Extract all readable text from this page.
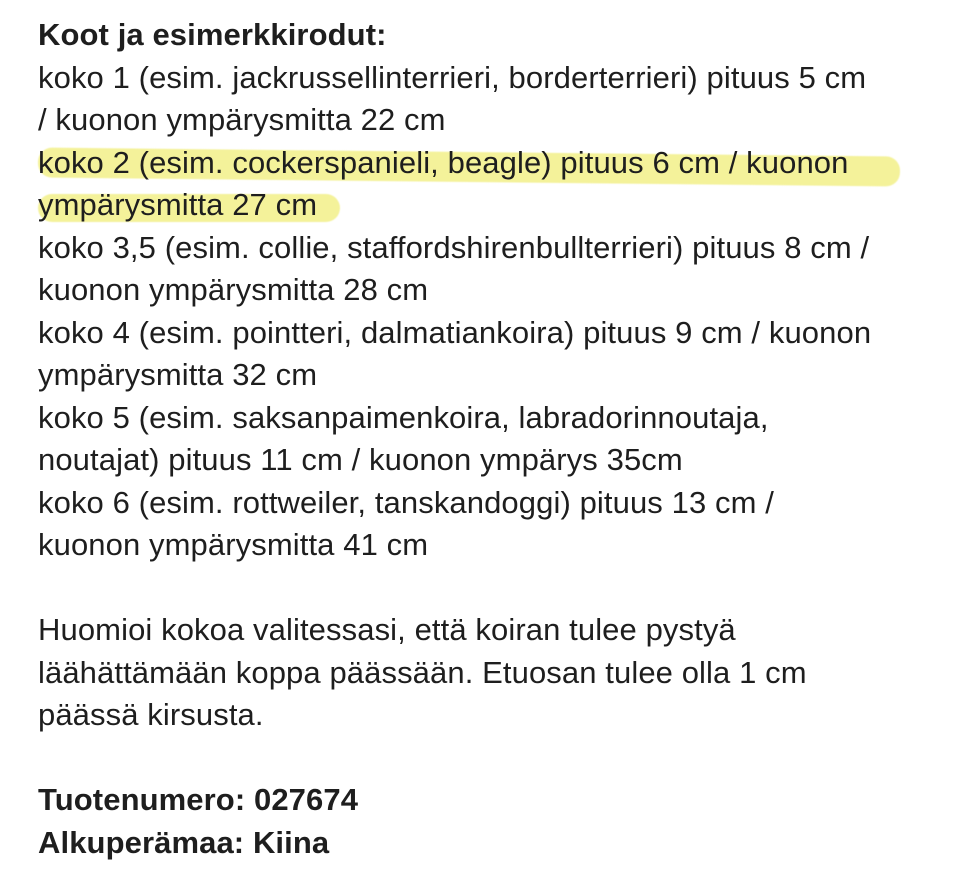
Koot ja esimerkkirodut:
koko 1 (esim. jackrussellinterrieri, borderterrieri) pituus 5 cm
/ kuonon ympärysmitta 22 cm
koko 2 (esim. cockerspanieli, beagle) pituus 6 cm / kuonon
ympärysmitta 27 cm
koko 3,5 (esim. collie, staffordshirenbullterrieri) pituus 8 cm /
kuonon ympärysmitta 28 cm
koko 4 (esim. pointteri, dalmatiankoira) pituus 9 cm / kuonon
ympärysmitta 32 cm
koko 5 (esim. saksanpaimenkoira, labradorinnoutaja,
noutajat) pituus 11 cm / kuonon ympärys 35cm
koko 6 (esim. rottweiler, tanskandoggi) pituus 13 cm /
kuonon ympärysmitta 41 cm
Huomioi kokoa valitessasi, että koiran tulee pystyä
läähättämään koppa päässään. Etuosan tulee olla 1 cm
päässä kirsusta.
Tuotenumero: 027674
Alkuperämaa: Kiina
